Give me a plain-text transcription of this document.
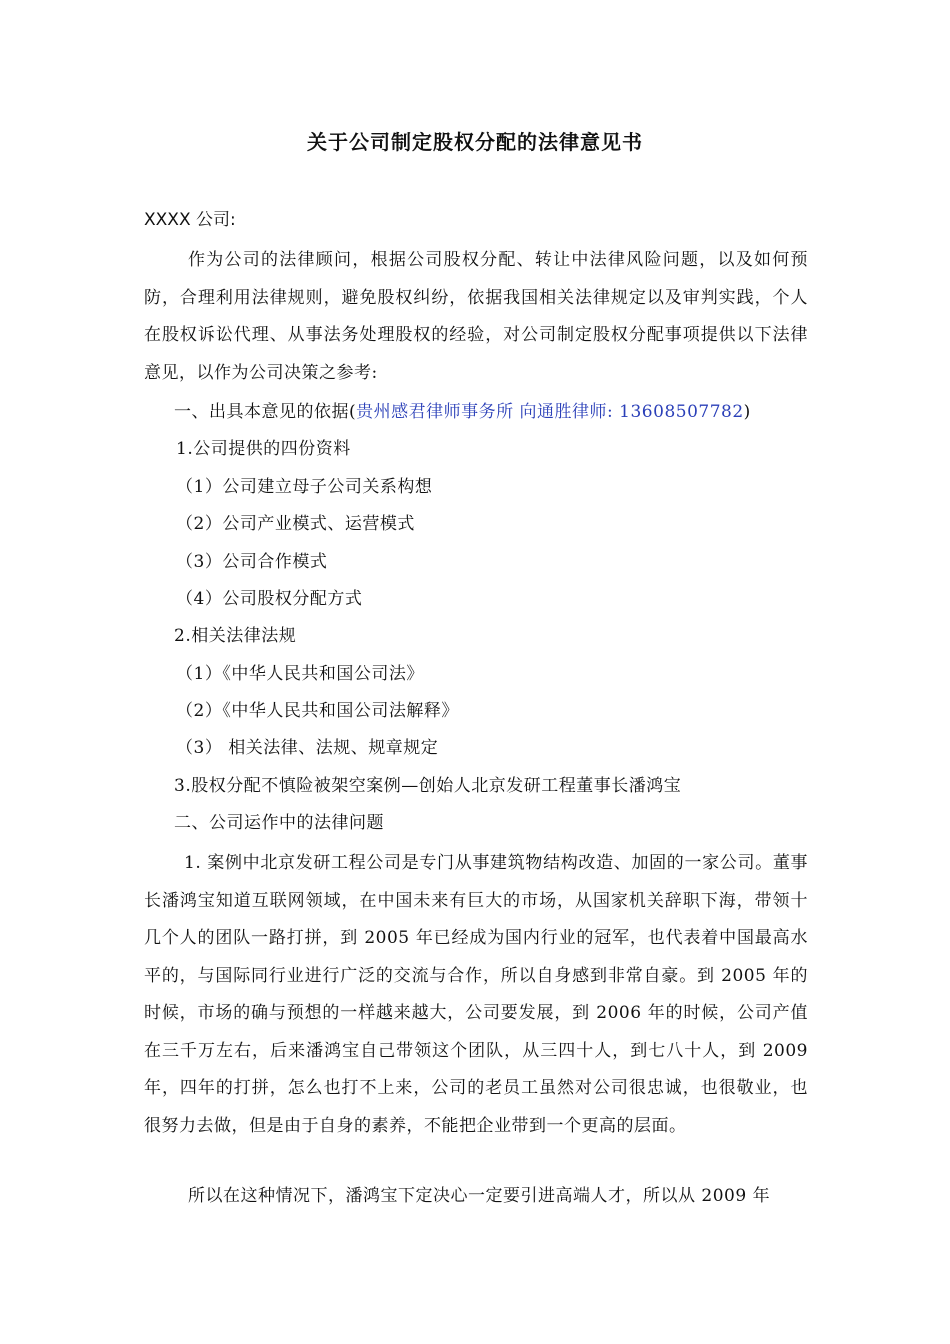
关于公司制定股权分配的法律意见书
XXXX 公司:
作为公司的法律顾问，根据公司股权分配、转让中法律风险问题，以及如何预防，合理利用法律规则，避免股权纠纷，依据我国相关法律规定以及审判实践，个人在股权诉讼代理、从事法务处理股权的经验，对公司制定股权分配事项提供以下法律意见，以作为公司决策之参考:
一、出具本意见的依据(贵州感君律师事务所 向通胜律师: 13608507782)
1.公司提供的四份资料
（1）公司建立母子公司关系构想
（2）公司产业模式、运营模式
（3）公司合作模式
（4）公司股权分配方式
2.相关法律法规
（1）《中华人民共和国公司法》
（2）《中华人民共和国公司法解释》
（3） 相关法律、法规、规章规定
3.股权分配不慎险被架空案例—创始人北京发研工程董事长潘鸿宝
二、公司运作中的法律问题
1. 案例中北京发研工程公司是专门从事建筑物结构改造、加固的一家公司。董事长潘鸿宝知道互联网领域，在中国未来有巨大的市场，从国家机关辞职下海，带领十几个人的团队一路打拼，到 2005 年已经成为国内行业的冠军，也代表着中国最高水平的，与国际同行业进行广泛的交流与合作，所以自身感到非常自豪。到 2005 年的时候，市场的确与预想的一样越来越大，公司要发展，到 2006 年的时候，公司产值在三千万左右，后来潘鸿宝自己带领这个团队，从三四十人，到七八十人，到 2009 年，四年的打拼，怎么也打不上来，公司的老员工虽然对公司很忠诚，也很敬业，也很努力去做，但是由于自身的素养，不能把企业带到一个更高的层面。
所以在这种情况下，潘鸿宝下定决心一定要引进高端人才，所以从 2009 年
